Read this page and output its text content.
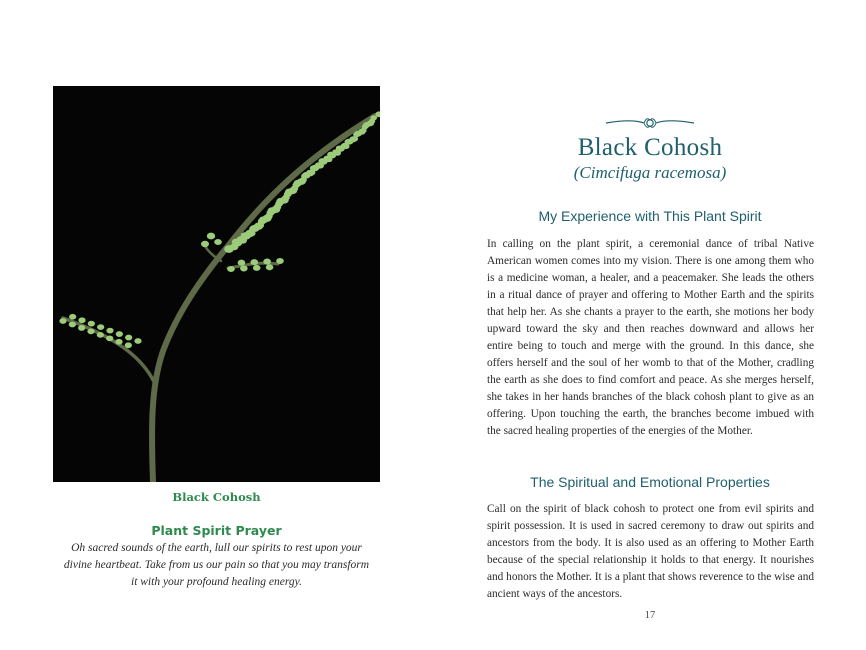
Black Cohosh
Plant Spirit Prayer
Oh sacred sounds of the earth, lull our spirits to rest upon your divine heartbeat. Take from us our pain so that you may transform it with your profound healing energy.
Black Cohosh
(Cimcifuga racemosa)
My Experience with This Plant Spirit
In calling on the plant spirit, a ceremonial dance of tribal Native American women comes into my vision. There is one among them who is a medicine woman, a healer, and a peacemaker. She leads the others in a ritual dance of prayer and offering to Mother Earth and the spirits that help her. As she chants a prayer to the earth, she motions her body upward toward the sky and then reaches downward and allows her entire being to touch and merge with the ground. In this dance, she offers herself and the soul of her womb to that of the Mother, cradling the earth as she does to find comfort and peace. As she merges herself, she takes in her hands branches of the black cohosh plant to give as an offering. Upon touching the earth, the branches become imbued with the sacred healing properties of the energies of the Mother.
The Spiritual and Emotional Properties
Call on the spirit of black cohosh to protect one from evil spirits and spirit possession. It is used in sacred ceremony to draw out spirits and ancestors from the body. It is also used as an offering to Mother Earth because of the special relationship it holds to that energy. It nourishes and honors the Mother. It is a plant that shows reverence to the wise and ancient ways of the ancestors.
17
